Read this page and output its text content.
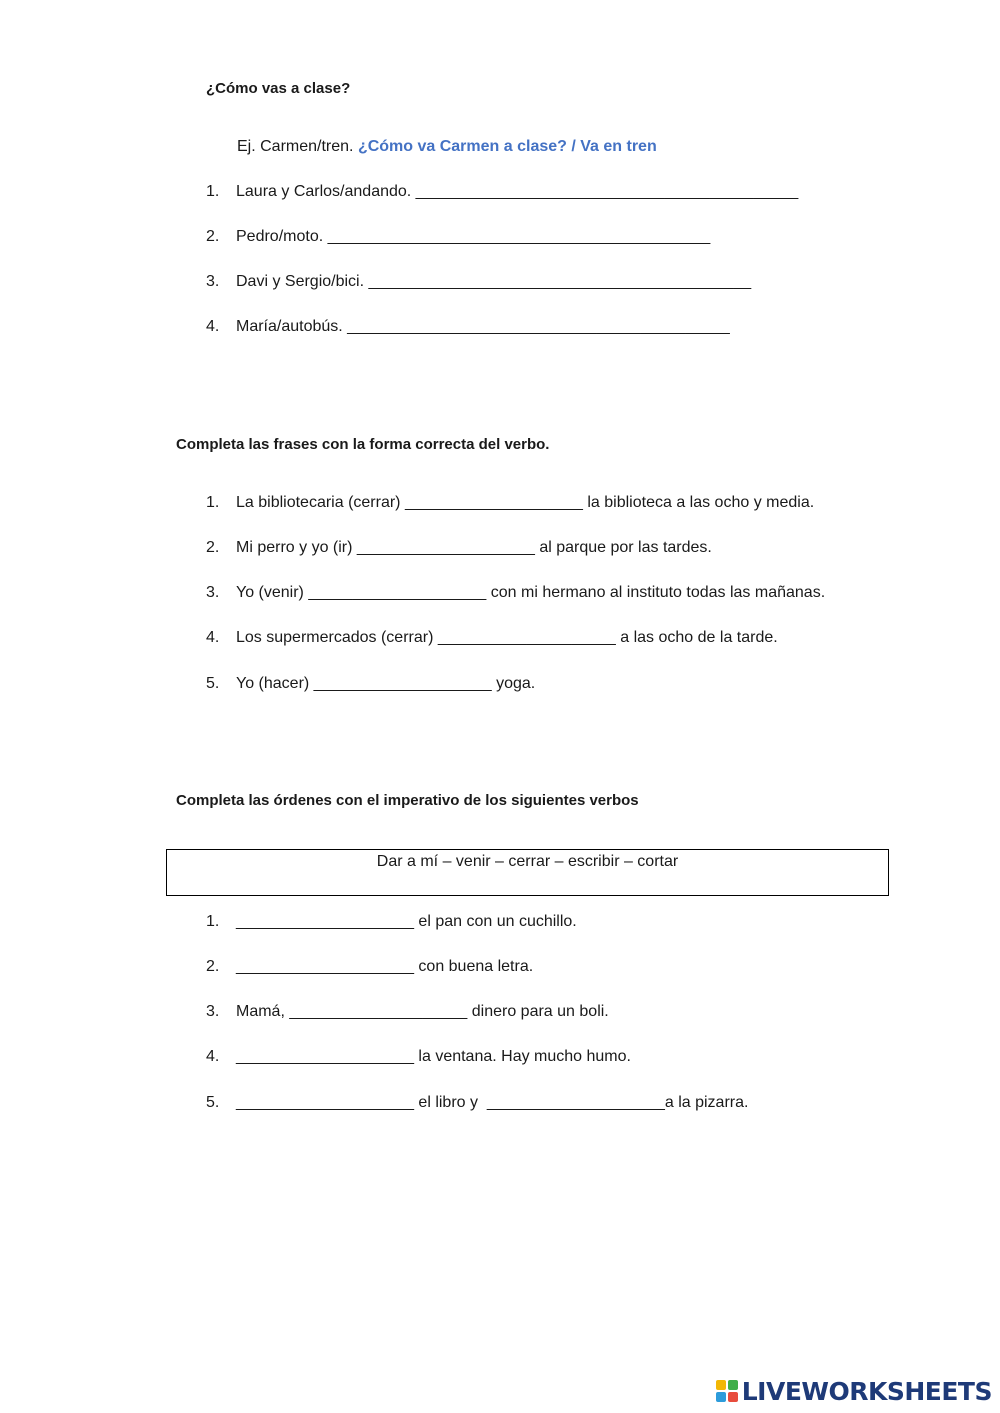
¿Cómo vas a clase?
Ej. Carmen/tren. ¿Cómo va Carmen a clase? / Va en tren
1. Laura y Carlos/andando. ___________________________________________
2. Pedro/moto. ___________________________________________
3. Davi y Sergio/bici. ___________________________________________
4. María/autobús. ___________________________________________
Completa las frases con la forma correcta del verbo.
1. La bibliotecaria (cerrar) ____________________ la biblioteca a las ocho y media.
2. Mi perro y yo (ir) ____________________ al parque por las tardes.
3. Yo (venir) ____________________ con mi hermano al instituto todas las mañanas.
4. Los supermercados (cerrar) ____________________ a las ocho de la tarde.
5. Yo (hacer) ____________________ yoga.
Completa las órdenes con el imperativo de los siguientes verbos
Dar a mí – venir – cerrar – escribir – cortar
1. ____________________ el pan con un cuchillo.
2. ____________________ con buena letra.
3. Mamá, ____________________ dinero para un boli.
4. ____________________ la ventana. Hay mucho humo.
5. ____________________ el libro y  ____________________a la pizarra.
LIVEWORKSHEETS
